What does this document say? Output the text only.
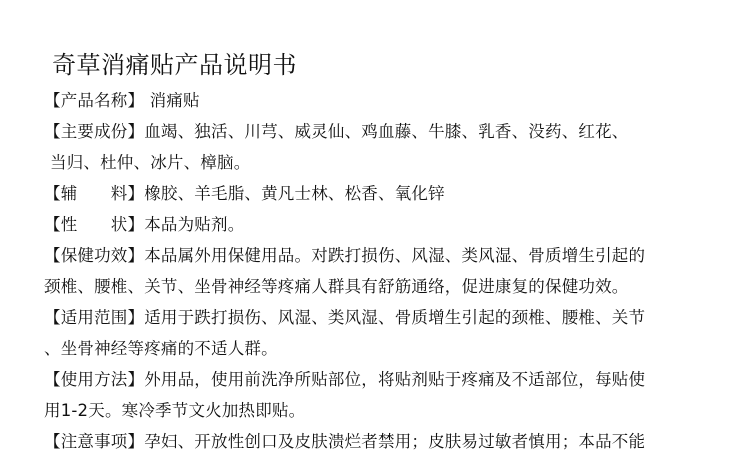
奇草消痛贴产品说明书
【产品名称】 消痛贴
【主要成份】血竭、独活、川芎、威灵仙、鸡血藤、牛膝、乳香、没药、红花、
当归、杜仲、冰片、樟脑。
【辅　　料】橡胶、羊毛脂、黄凡士林、松香、氧化锌
【性　　状】本品为贴剂。
【保健功效】本品属外用保健用品。对跌打损伤、风湿、类风湿、骨质增生引起的
颈椎、腰椎、关节、坐骨神经等疼痛人群具有舒筋通络，促进康复的保健功效。
【适用范围】适用于跌打损伤、风湿、类风湿、骨质增生引起的颈椎、腰椎、关节
、坐骨神经等疼痛的不适人群。
【使用方法】外用品，使用前洗净所贴部位，将贴剂贴于疼痛及不适部位，每贴使
用1-2天。寒冷季节文火加热即贴。
【注意事项】孕妇、开放性创口及皮肤溃烂者禁用；皮肤易过敏者慎用；本品不能
